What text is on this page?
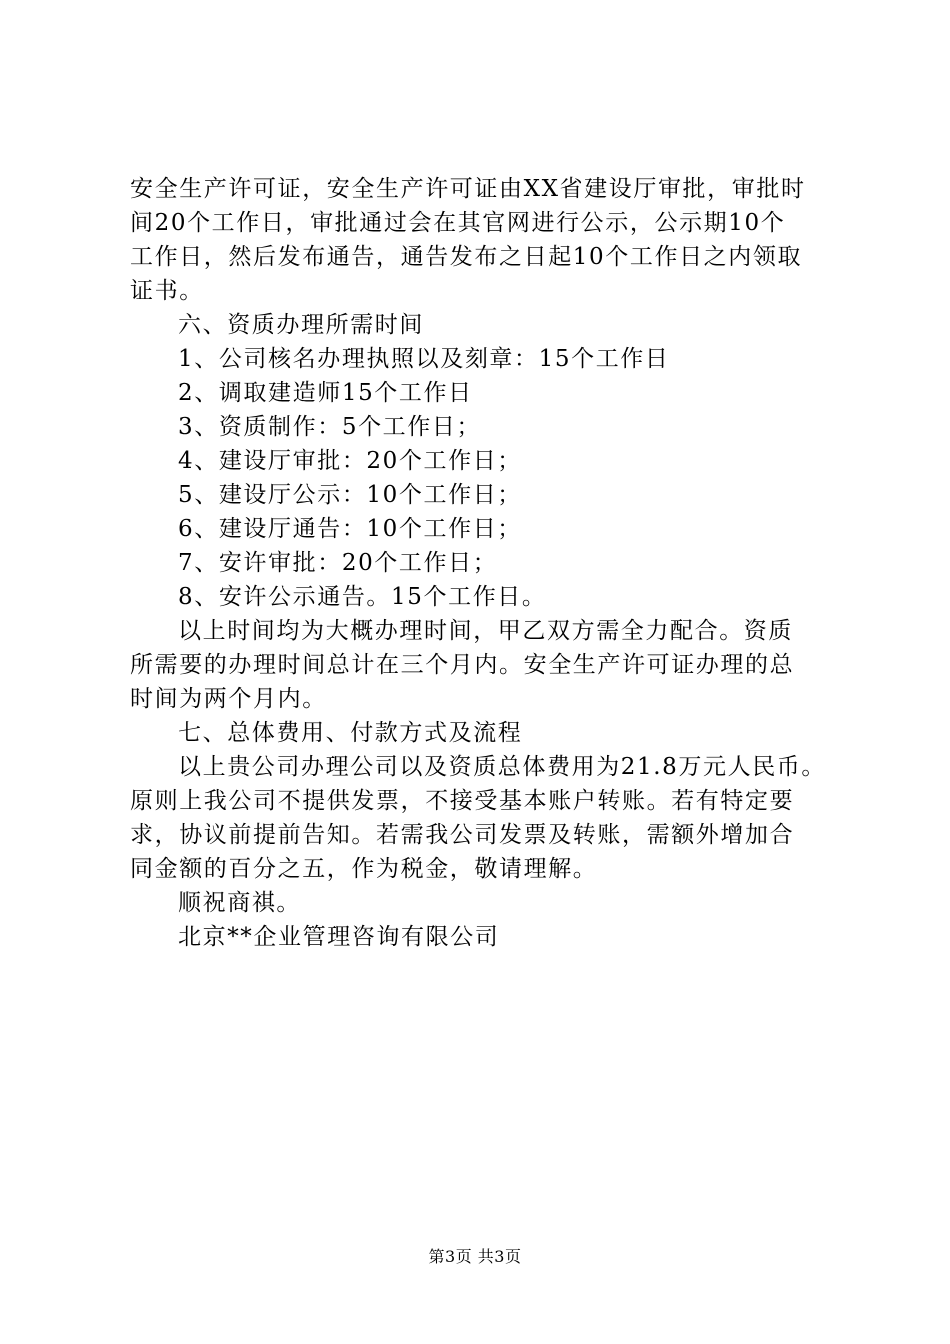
安全生产许可证，安全生产许可证由XX省建设厅审批，审批时

间20个工作日，审批通过会在其官网进行公示，公示期10个

工作日，然后发布通告，通告发布之日起10个工作日之内领取

证书。

六、资质办理所需时间

1、公司核名办理执照以及刻章：15个工作日

2、调取建造师15个工作日

3、资质制作：5个工作日；

4、建设厅审批：20个工作日；

5、建设厅公示：10个工作日；

6、建设厅通告：10个工作日；

7、安许审批：20个工作日；

8、安许公示通告。15个工作日。

以上时间均为大概办理时间，甲乙双方需全力配合。资质

所需要的办理时间总计在三个月内。安全生产许可证办理的总

时间为两个月内。

七、总体费用、付款方式及流程

以上贵公司办理公司以及资质总体费用为21.8万元人民币。

原则上我公司不提供发票，不接受基本账户转账。若有特定要

求，协议前提前告知。若需我公司发票及转账，需额外增加合

同金额的百分之五，作为税金，敬请理解。

顺祝商祺。

北京**企业管理咨询有限公司

第3页 共3页
